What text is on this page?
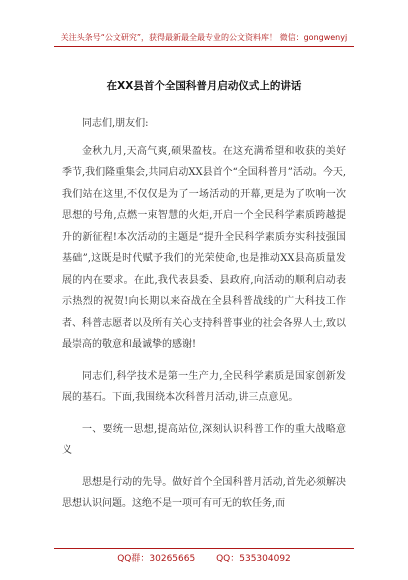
关注头条号“公文研究”，获得最新最全最专业的公文资料库！ 微信：gongwenyj
在XX县首个全国科普月启动仪式上的讲话

同志们,朋友们:

金秋九月,天高气爽,硕果盈枝。在这充满希望和收获的美好季节,我们隆重集会,共同启动XX县首个“全国科普月”活动。今天,我们站在这里,不仅仅是为了一场活动的开幕,更是为了吹响一次思想的号角,点燃一束智慧的火炬,开启一个全民科学素质跨越提升的新征程!本次活动的主题是“提升全民科学素质夯实科技强国基础”,这既是时代赋予我们的光荣使命,也是推动XX县高质量发展的内在要求。在此,我代表县委、县政府,向活动的顺利启动表示热烈的祝贺!向长期以来奋战在全县科普战线的广大科技工作者、科普志愿者以及所有关心支持科普事业的社会各界人士,致以最崇高的敬意和最诚挚的感谢!

同志们,科学技术是第一生产力,全民科学素质是国家创新发展的基石。下面,我围绕本次科普月活动,讲三点意见。

一、要统一思想,提高站位,深刻认识科普工作的重大战略意义

思想是行动的先导。做好首个全国科普月活动,首先必须解决思想认识问题。这绝不是一项可有可无的软任务,而

QQ群：30265665 QQ：535304092
